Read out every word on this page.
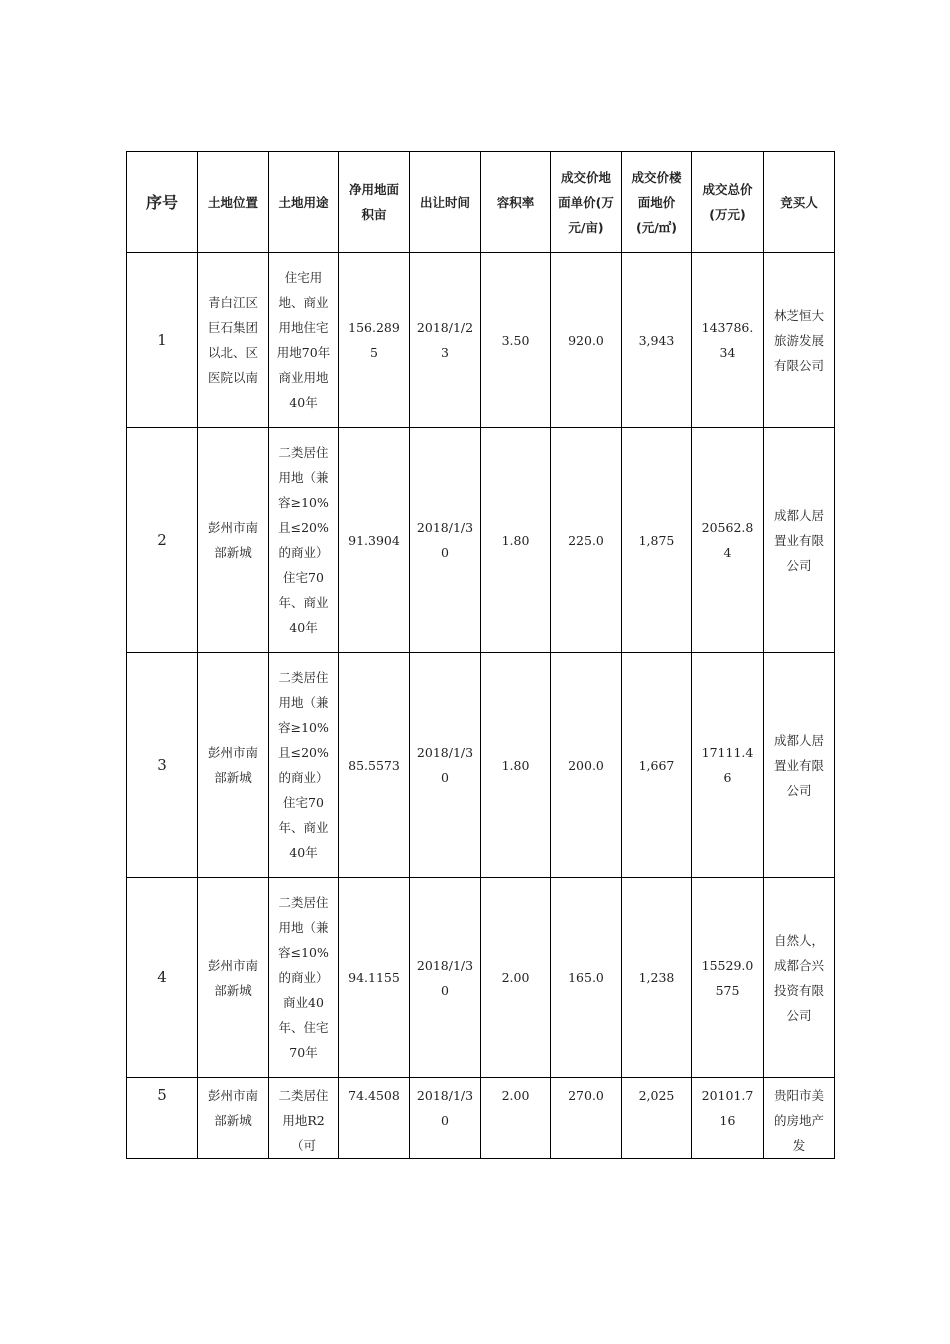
序号	土地位置	土地用途	净用地面积亩	出让时间	容积率	成交价地面单价(万元/亩)	成交价楼面地价(元/㎡)	成交总价(万元)	竞买人
1	青白江区巨石集团以北、区医院以南	住宅用地、商业用地住宅用地70年商业用地40年	156.2895	2018/1/23	3.50	920.0	3,943	143786.34	林芝恒大旅游发展有限公司
2	彭州市南部新城	二类居住用地（兼容≥10%且≤20%的商业）住宅70年、商业40年	91.3904	2018/1/30	1.80	225.0	1,875	20562.84	成都人居置业有限公司
3	彭州市南部新城	二类居住用地（兼容≥10%且≤20%的商业）住宅70年、商业40年	85.5573	2018/1/30	1.80	200.0	1,667	17111.46	成都人居置业有限公司
4	彭州市南部新城	二类居住用地（兼容≤10%的商业）商业40年、住宅70年	94.1155	2018/1/30	2.00	165.0	1,238	15529.0575	自然人，成都合兴投资有限公司
5	彭州市南部新城	二类居住用地R2（可	74.4508	2018/1/30	2.00	270.0	2,025	20101.716	贵阳市美的房地产发
